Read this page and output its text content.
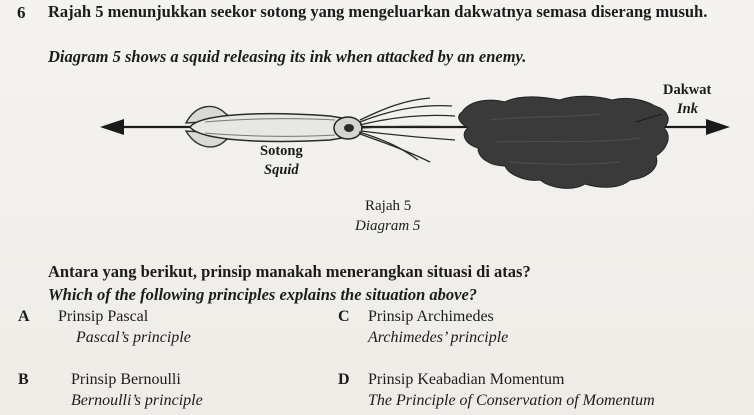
6 Rajah 5 menunjukkan seekor sotong yang mengeluarkan dakwatnya semasa diserang musuh.
Diagram 5 shows a squid releasing its ink when attacked by an enemy.
Dakwat
Ink
Sotong
Squid
Rajah 5
Diagram 5
Antara yang berikut, prinsip manakah menerangkan situasi di atas?
Which of the following principles explains the situation above?
A Prinsip Pascal
Pascal’s principle
C Prinsip Archimedes
Archimedes’ principle
B	Prinsip Bernoulli
Bernoulli’s principle
D Prinsip Keabadian Momentum
The Principle of Conservation of Momentum
